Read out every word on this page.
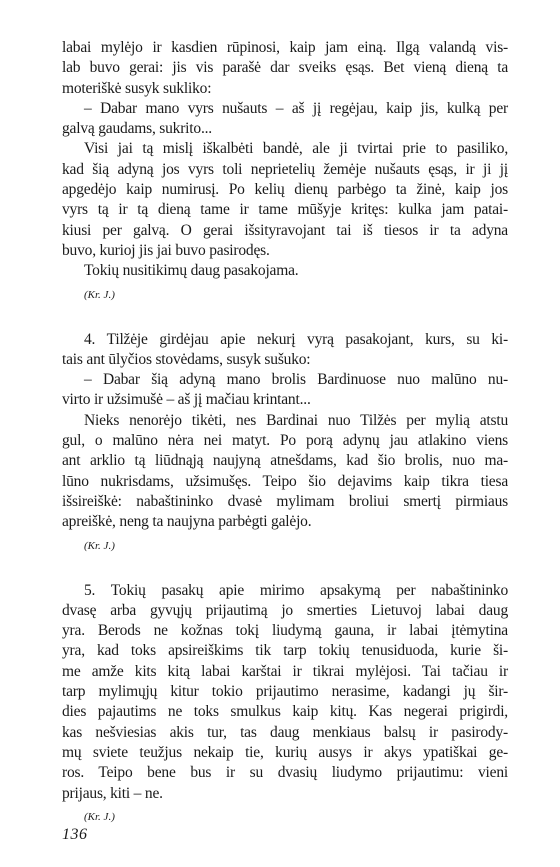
labai mylėjo ir kasdien rūpinosi, kaip jam einą. Ilgą valandą vis-
lab buvo gerai: jis vis parašė dar sveiks ęsąs. Bet vieną dieną ta
moteriškė susyk sukliko:
– Dabar mano vyrs nušauts – aš jį regėjau, kaip jis, kulką per
galvą gaudams, sukrito...
Visi jai tą mislį iškalbėti bandė, ale ji tvirtai prie to pasiliko,
kad šią adyną jos vyrs toli neprietelių žemėje nušauts ęsąs, ir ji jį
apgedėjo kaip numirusį. Po kelių dienų parbėgo ta žinė, kaip jos
vyrs tą ir tą dieną tame ir tame mūšyje kritęs: kulka jam patai-
kiusi per galvą. O gerai išsityravojant tai iš tiesos ir ta adyna
buvo, kurioj jis jai buvo pasirodęs.
Tokių nusitikimų daug pasakojama.
(Kr. J.)
4. Tilžėje girdėjau apie nekurį vyrą pasakojant, kurs, su ki-
tais ant ūlyčios stovėdams, susyk sušuko:
– Dabar šią adyną mano brolis Bardinuose nuo malūno nu-
virto ir užsimušė – aš jį mačiau krintant...
Nieks nenorėjo tikėti, nes Bardinai nuo Tilžės per mylią atstu
gul, o malūno nėra nei matyt. Po porą adynų jau atlakino viens
ant arklio tą liūdnąją naujyną atnešdams, kad šio brolis, nuo ma-
lūno nukrisdams, užsimušęs. Teipo šio dejavims kaip tikra tiesa
išsireiškė: nabaštininko dvasė mylimam broliui smertį pirmiaus
apreiškė, neng ta naujyna parbėgti galėjo.
(Kr. J.)
5. Tokių pasakų apie mirimo apsakymą per nabaštininko
dvasę arba gyvųjų prijautimą jo smerties Lietuvoj labai daug
yra. Berods ne kožnas tokį liudymą gauna, ir labai įtėmytina
yra, kad toks apsireiškims tik tarp tokių tenusiduoda, kurie ši-
me amže kits kitą labai karštai ir tikrai mylėjosi. Tai tačiau ir
tarp mylimųjų kitur tokio prijautimo nerasime, kadangi jų šir-
dies pajautims ne toks smulkus kaip kitų. Kas negerai prigirdi,
kas nešviesias akis tur, tas daug menkiaus balsų ir pasirody-
mų sviete teužjus nekaip tie, kurių ausys ir akys ypatiškai ge-
ros. Teipo bene bus ir su dvasių liudymo prijautimu: vieni
prijaus, kiti – ne.
(Kr. J.)
136
